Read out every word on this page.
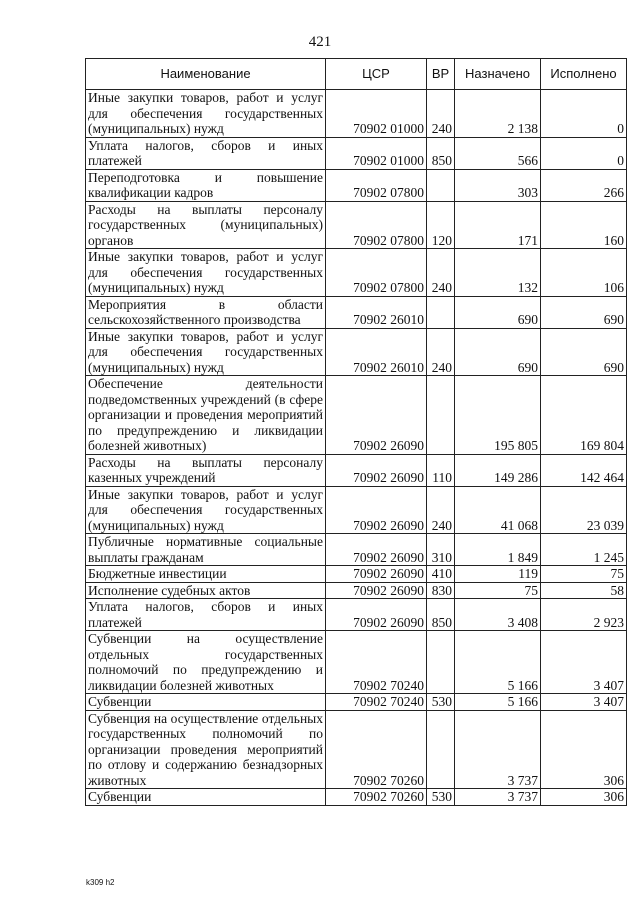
421
Наименование	ЦСР	ВР	Назначено	Исполнено
Иные закупки товаров, работ и услуг для обеспечения государственных (муниципальных) нужд	70902 01000	240	2 138	0
Уплата налогов, сборов и иных платежей	70902 01000	850	566	0
Переподготовка и повышение квалификации кадров	70902 07800		303	266
Расходы на выплаты персоналу государственных (муниципальных) органов	70902 07800	120	171	160
Иные закупки товаров, работ и услуг для обеспечения государственных (муниципальных) нужд	70902 07800	240	132	106
Мероприятия в области сельскохозяйственного производства	70902 26010		690	690
Иные закупки товаров, работ и услуг для обеспечения государственных (муниципальных) нужд	70902 26010	240	690	690
Обеспечение деятельности подведомственных учреждений (в сфере организации и проведения мероприятий по предупреждению и ликвидации болезней животных)	70902 26090		195 805	169 804
Расходы на выплаты персоналу казенных учреждений	70902 26090	110	149 286	142 464
Иные закупки товаров, работ и услуг для обеспечения государственных (муниципальных) нужд	70902 26090	240	41 068	23 039
Публичные нормативные социальные выплаты гражданам	70902 26090	310	1 849	1 245
Бюджетные инвестиции	70902 26090	410	119	75
Исполнение судебных актов	70902 26090	830	75	58
Уплата налогов, сборов и иных платежей	70902 26090	850	3 408	2 923
Субвенции на осуществление отдельных государственных полномочий по предупреждению и ликвидации болезней животных	70902 70240		5 166	3 407
Субвенции	70902 70240	530	5 166	3 407
Субвенция на осуществление отдельных государственных полномочий по организации проведения мероприятий по отлову и содержанию безнадзорных животных	70902 70260		3 737	306
Субвенции	70902 70260	530	3 737	306
k309 h2
